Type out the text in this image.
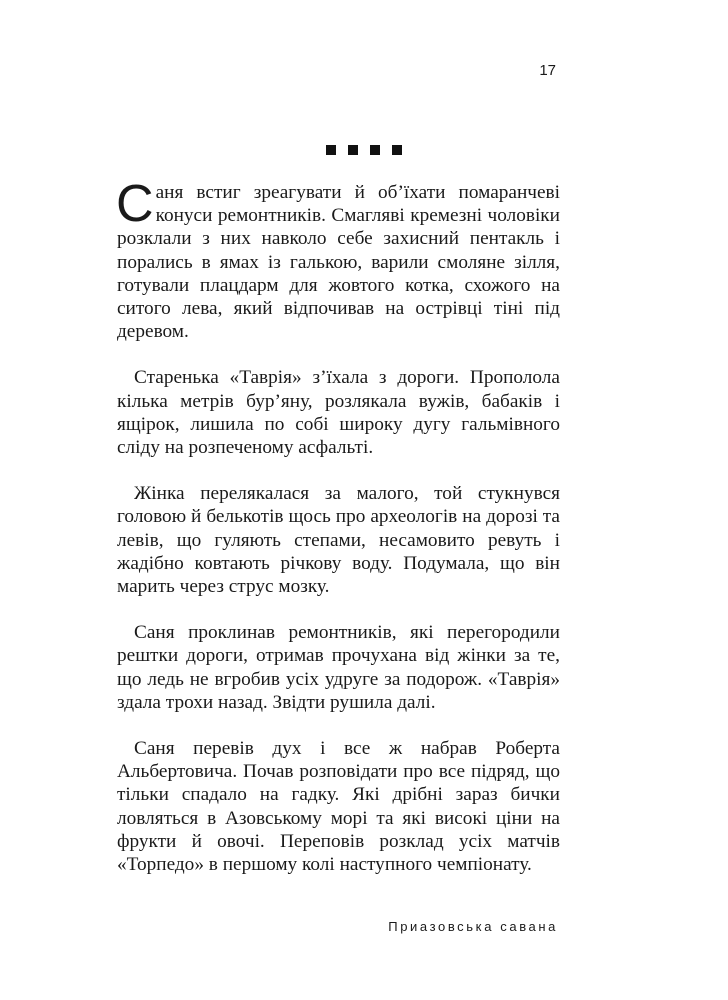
17

Саня встиг зреагувати й об’їхати помаранчеві конуси ремонтників. Смагляві кремезні чоловіки розклали з них навколо себе захисний пентакль і порались в ямах із галькою, варили смоляне зілля, готували плацдарм для жовтого котка, схожого на ситого лева, який відпочивав на острівці тіні під деревом.

Старенька «Таврія» з’їхала з дороги. Прополола кілька метрів бур’яну, розлякала вужів, бабаків і ящірок, лишила по собі широку дугу гальмівного сліду на розпеченому асфальті.

Жінка перелякалася за малого, той стукнувся головою й белькотів щось про археологів на дорозі та левів, що гуляють степами, несамовито ревуть і жадібно ковтають річкову воду. Подумала, що він марить через струс мозку.

Саня проклинав ремонтників, які перегородили рештки дороги, отримав прочухана від жінки за те, що ледь не вгробив усіх удруге за подорож. «Таврія» здала трохи назад. Звідти рушила далі.

Саня перевів дух і все ж набрав Роберта Альбертовича. Почав розповідати про все підряд, що тільки спадало на гадку. Які дрібні зараз бички ловляться в Азовському морі та які високі ціни на фрукти й овочі. Переповів розклад усіх матчів «Торпедо» в першому колі наступного чемпіонату.

Приазовська савана
